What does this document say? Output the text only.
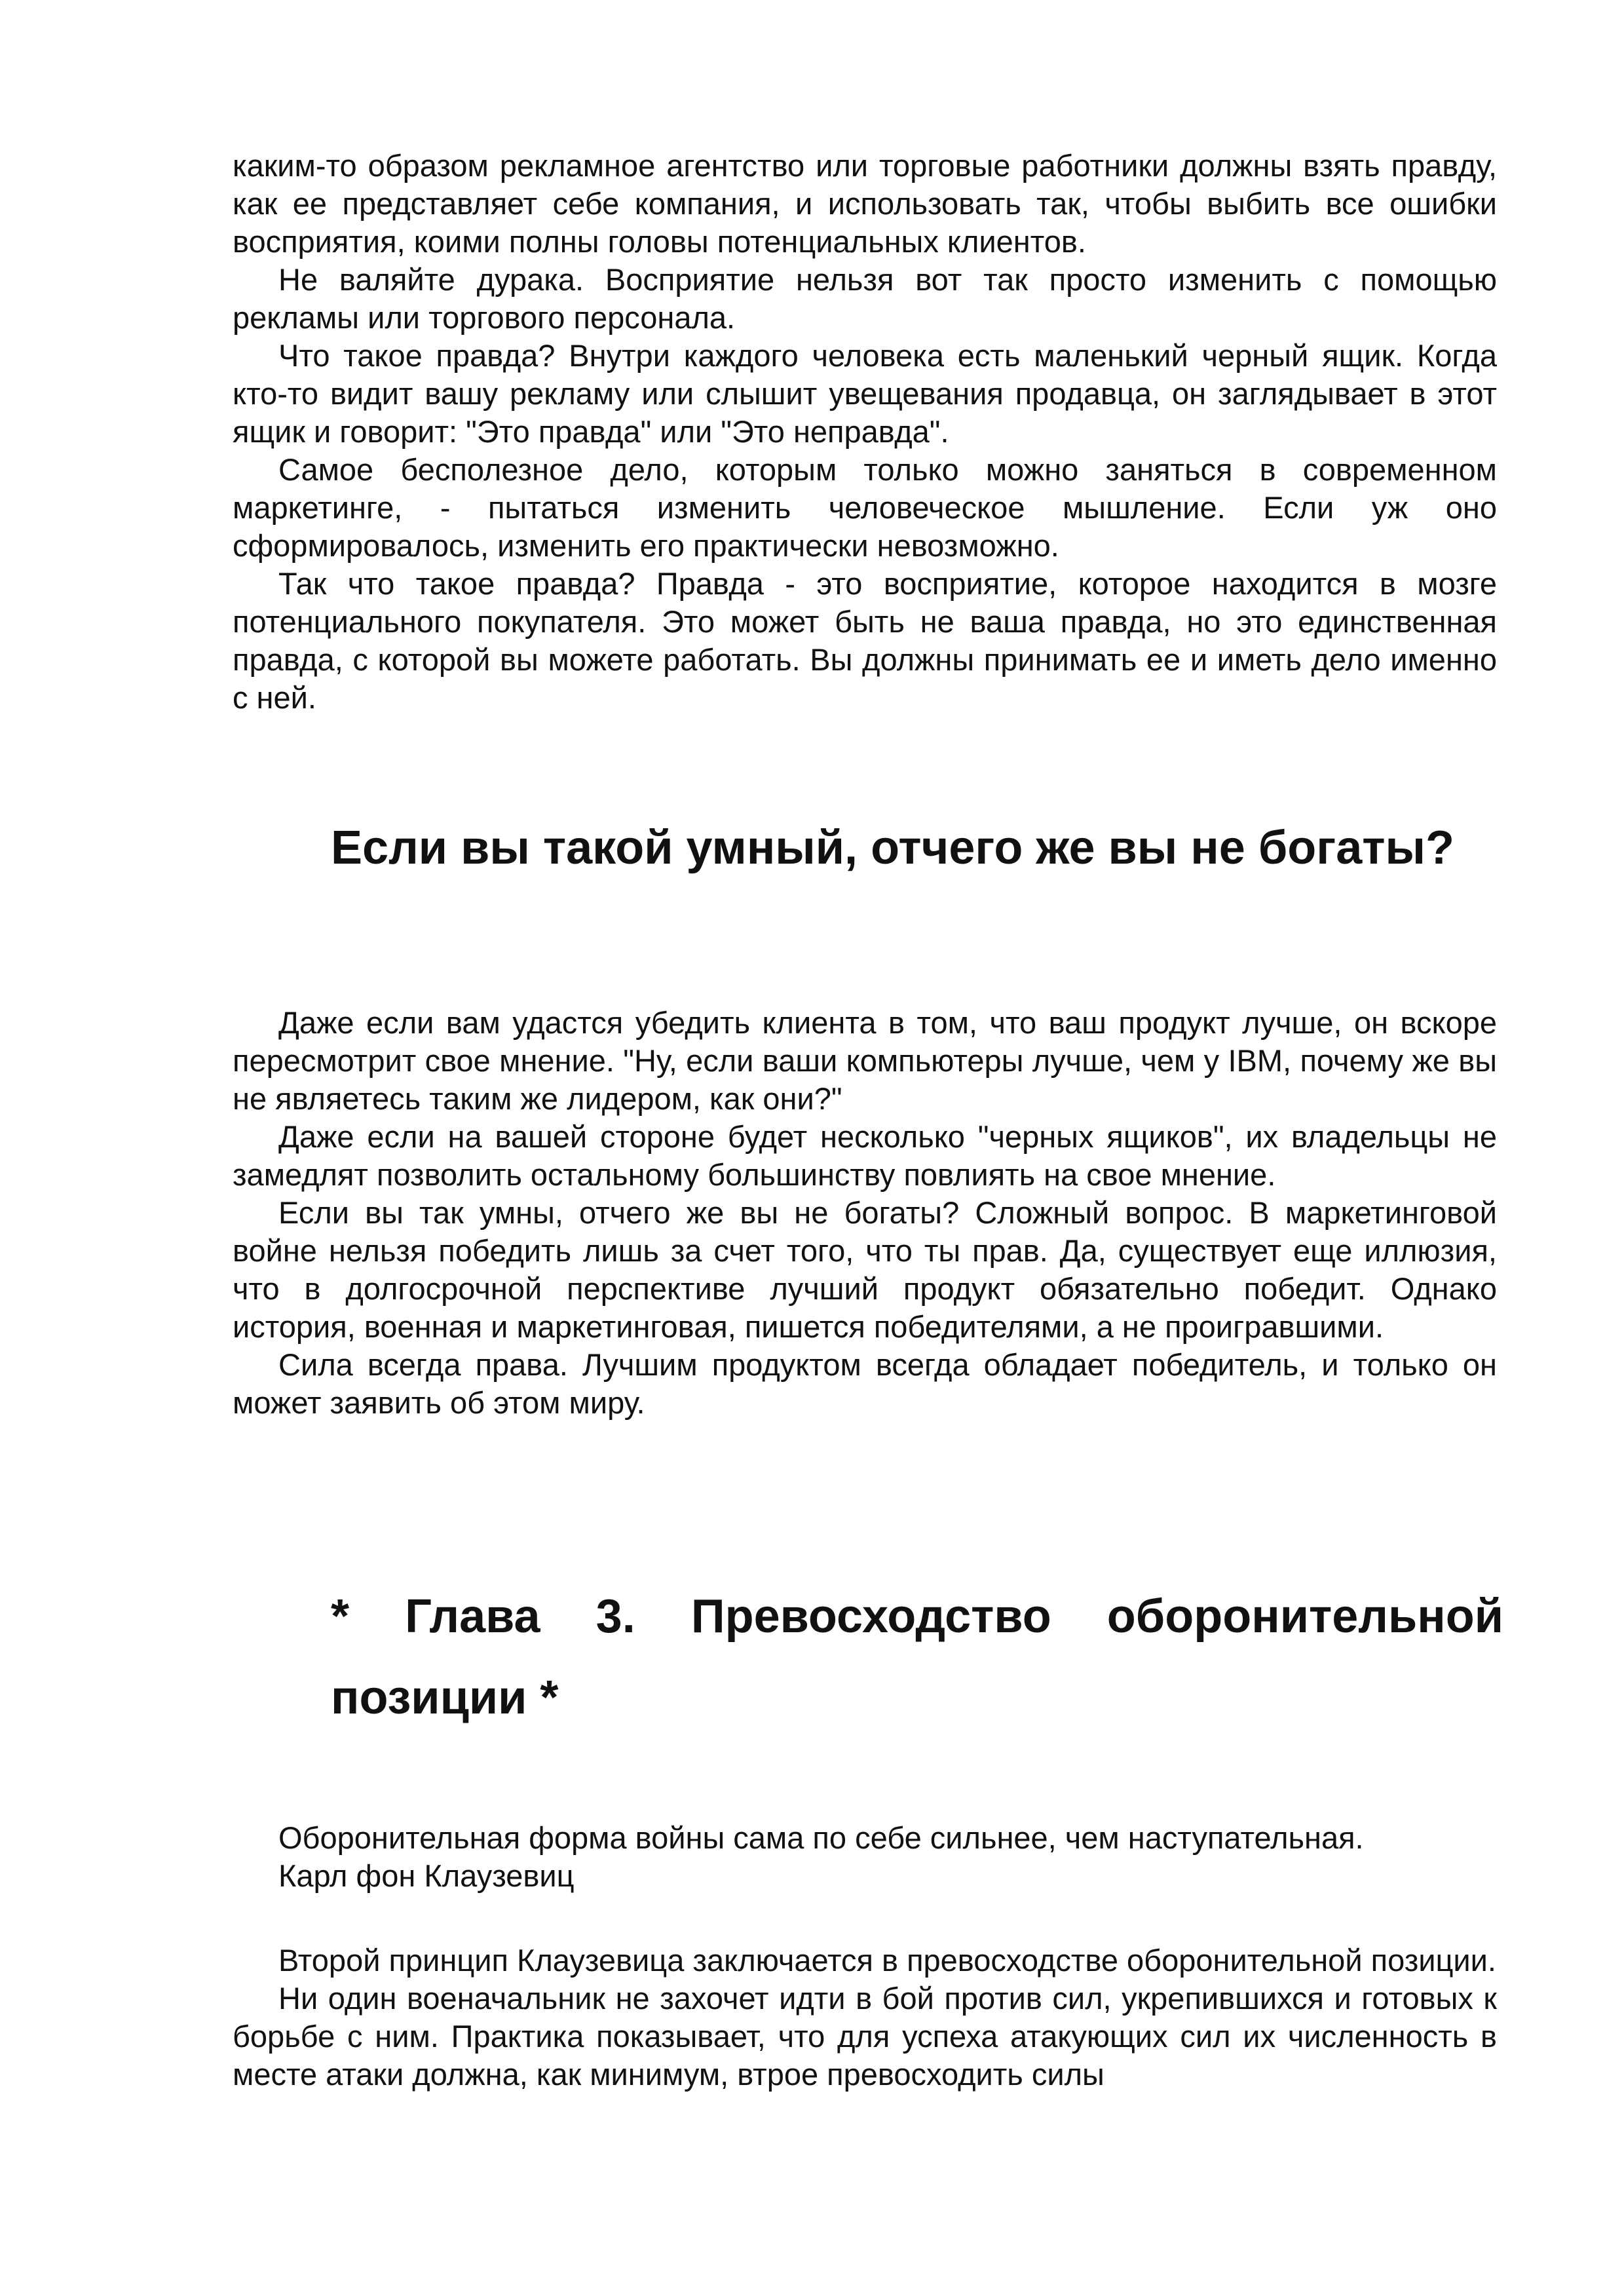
каким-то образом рекламное агентство или торговые работники должны взять правду, как ее представляет себе компания, и использовать так, чтобы выбить все ошибки восприятия, коими полны головы потенциальных клиентов.

Не валяйте дурака. Восприятие нельзя вот так просто изменить с помощью рекламы или торгового персонала.

Что такое правда? Внутри каждого человека есть маленький черный ящик. Когда кто-то видит вашу рекламу или слышит увещевания продавца, он заглядывает в этот ящик и говорит: "Это правда" или "Это неправда".

Самое бесполезное дело, которым только можно заняться в современном маркетинге, - пытаться изменить человеческое мышление. Если уж оно сформировалось, изменить его практически невозможно.

Так что такое правда? Правда - это восприятие, которое находится в мозге потенциального покупателя. Это может быть не ваша правда, но это единственная правда, с которой вы можете работать. Вы должны принимать ее и иметь дело именно с ней.

Если вы такой умный, отчего же вы не богаты?

Даже если вам удастся убедить клиента в том, что ваш продукт лучше, он вскоре пересмотрит свое мнение. "Ну, если ваши компьютеры лучше, чем у IBM, почему же вы не являетесь таким же лидером, как они?"

Даже если на вашей стороне будет несколько "черных ящиков", их владельцы не замедлят позволить остальному большинству повлиять на свое мнение.

Если вы так умны, отчего же вы не богаты? Сложный вопрос. В маркетинговой войне нельзя победить лишь за счет того, что ты прав. Да, существует еще иллюзия, что в долгосрочной перспективе лучший продукт обязательно победит. Однако история, военная и маркетинговая, пишется победителями, а не проигравшими.

Сила всегда права. Лучшим продуктом всегда обладает победитель, и только он может заявить об этом миру.

* Глава 3. Превосходство оборонительной позиции *
Оборонительная форма войны сама по себе сильнее, чем наступательная.
Карл фон Клаузевиц

Второй принцип Клаузевица заключается в превосходстве оборонительной позиции.

Ни один военачальник не захочет идти в бой против сил, укрепившихся и готовых к борьбе с ним. Практика показывает, что для успеха атакующих сил их численность в месте атаки должна, как минимум, втрое превосходить силы
